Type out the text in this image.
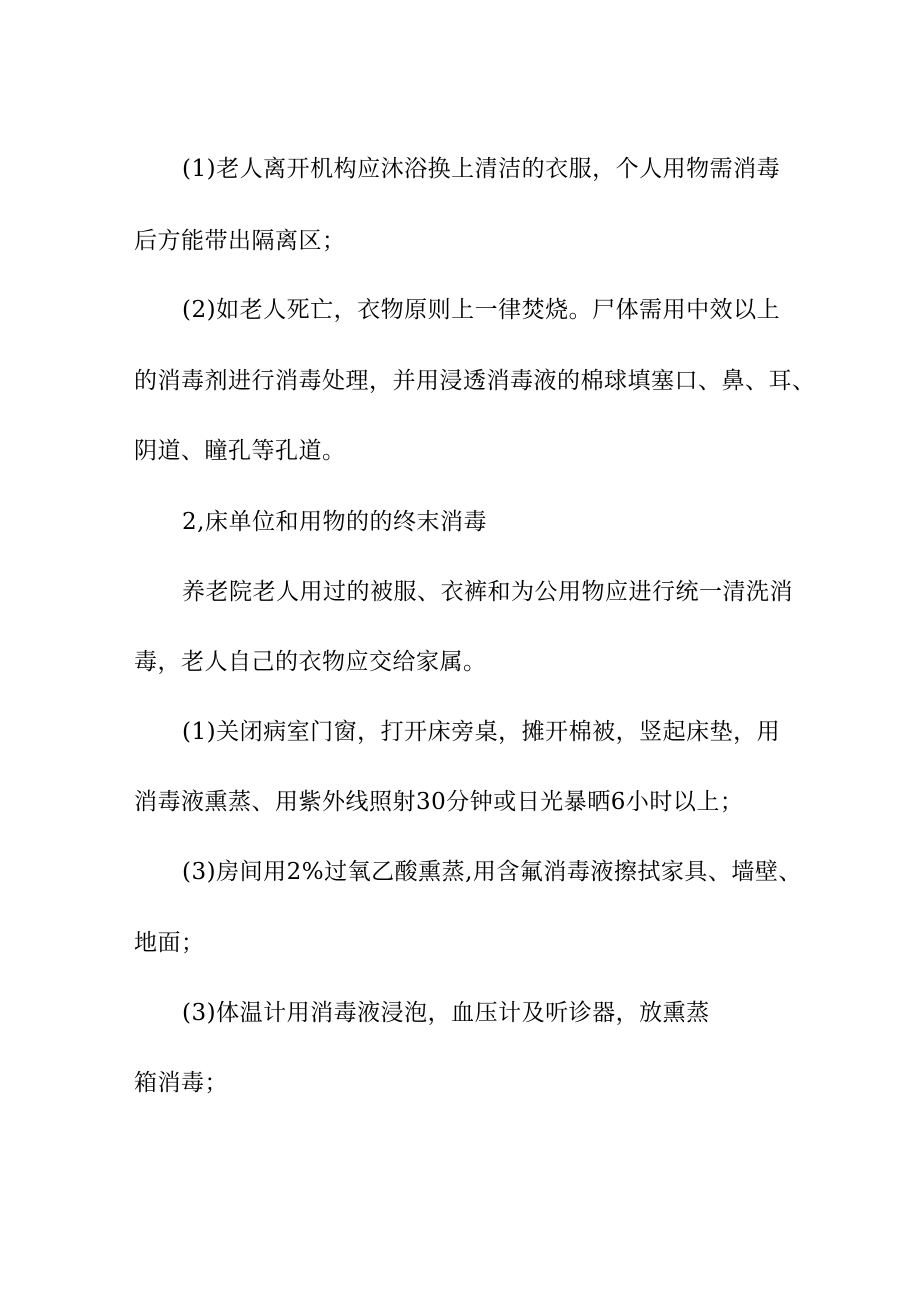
(1)老人离开机构应沐浴换上清洁的衣服，个人用物需消毒
后方能带出隔离区；
(2)如老人死亡，衣物原则上一律焚烧。尸体需用中效以上
的消毒剂进行消毒处理，并用浸透消毒液的棉球填塞口、鼻、耳、
阴道、瞳孔等孔道。
2,床单位和用物的的终末消毒
养老院老人用过的被服、衣裤和为公用物应进行统一清洗消
毒，老人自己的衣物应交给家属。
(1)关闭病室门窗，打开床旁桌，摊开棉被，竖起床垫，用
消毒液熏蒸、用紫外线照射30分钟或日光暴晒6小时以上；
(3)房间用2%过氧乙酸熏蒸,用含氟消毒液擦拭家具、墙壁、
地面；
(3)体温计用消毒液浸泡，血压计及听诊器，放熏蒸
箱消毒；
